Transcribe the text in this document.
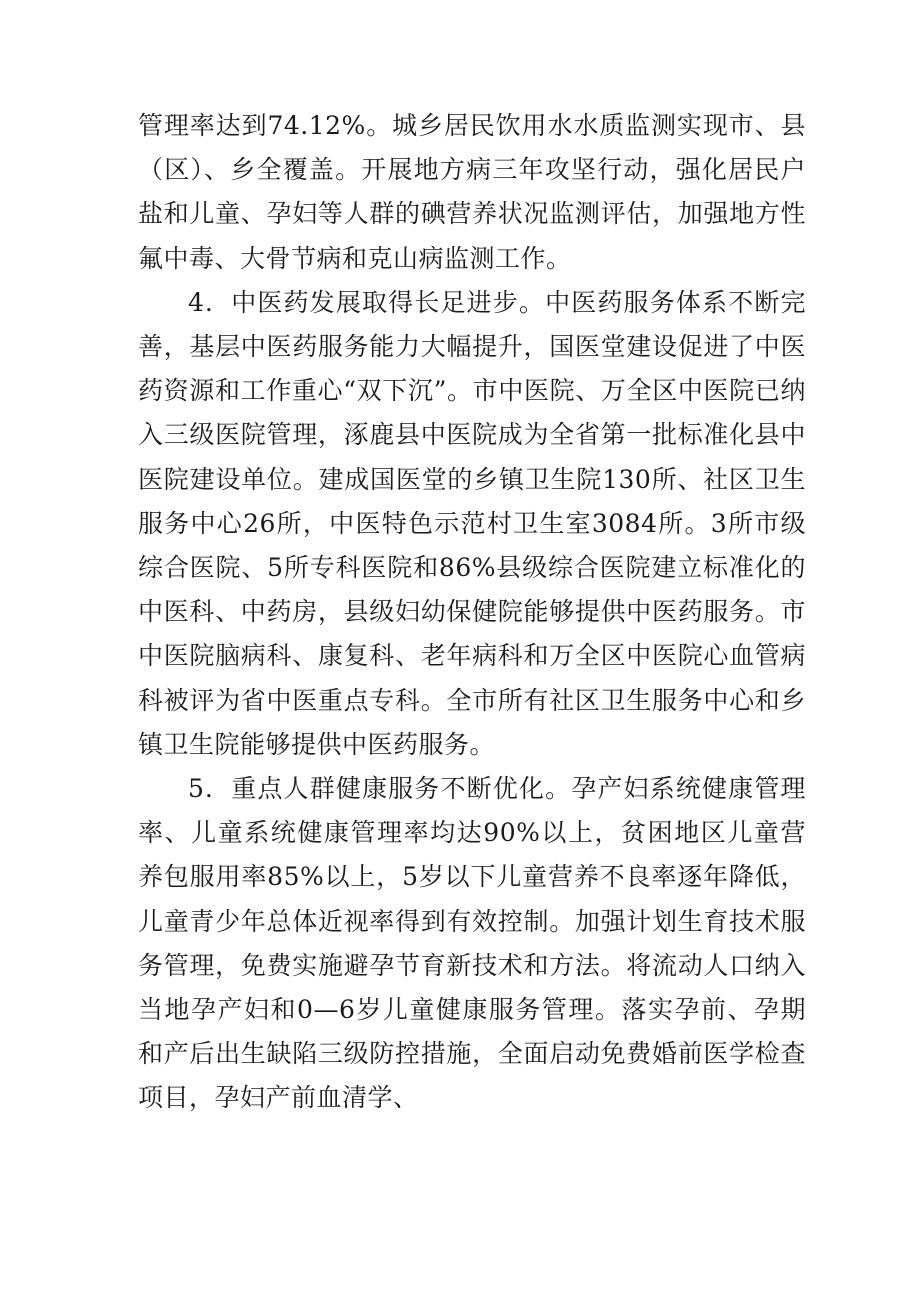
管理率达到74.12%。城乡居民饮用水水质监测实现市、县（区）、乡全覆盖。开展地方病三年攻坚行动，强化居民户盐和儿童、孕妇等人群的碘营养状况监测评估，加强地方性氟中毒、大骨节病和克山病监测工作。

4．中医药发展取得长足进步。中医药服务体系不断完善，基层中医药服务能力大幅提升，国医堂建设促进了中医药资源和工作重心“双下沉”。市中医院、万全区中医院已纳入三级医院管理，涿鹿县中医院成为全省第一批标准化县中医院建设单位。建成国医堂的乡镇卫生院130所、社区卫生服务中心26所，中医特色示范村卫生室3084所。3所市级综合医院、5所专科医院和86%县级综合医院建立标准化的中医科、中药房，县级妇幼保健院能够提供中医药服务。市中医院脑病科、康复科、老年病科和万全区中医院心血管病科被评为省中医重点专科。全市所有社区卫生服务中心和乡镇卫生院能够提供中医药服务。

5．重点人群健康服务不断优化。孕产妇系统健康管理率、儿童系统健康管理率均达90%以上，贫困地区儿童营养包服用率85%以上，5岁以下儿童营养不良率逐年降低，儿童青少年总体近视率得到有效控制。加强计划生育技术服务管理，免费实施避孕节育新技术和方法。将流动人口纳入当地孕产妇和0—6岁儿童健康服务管理。落实孕前、孕期和产后出生缺陷三级防控措施，全面启动免费婚前医学检查项目，孕妇产前血清学、
